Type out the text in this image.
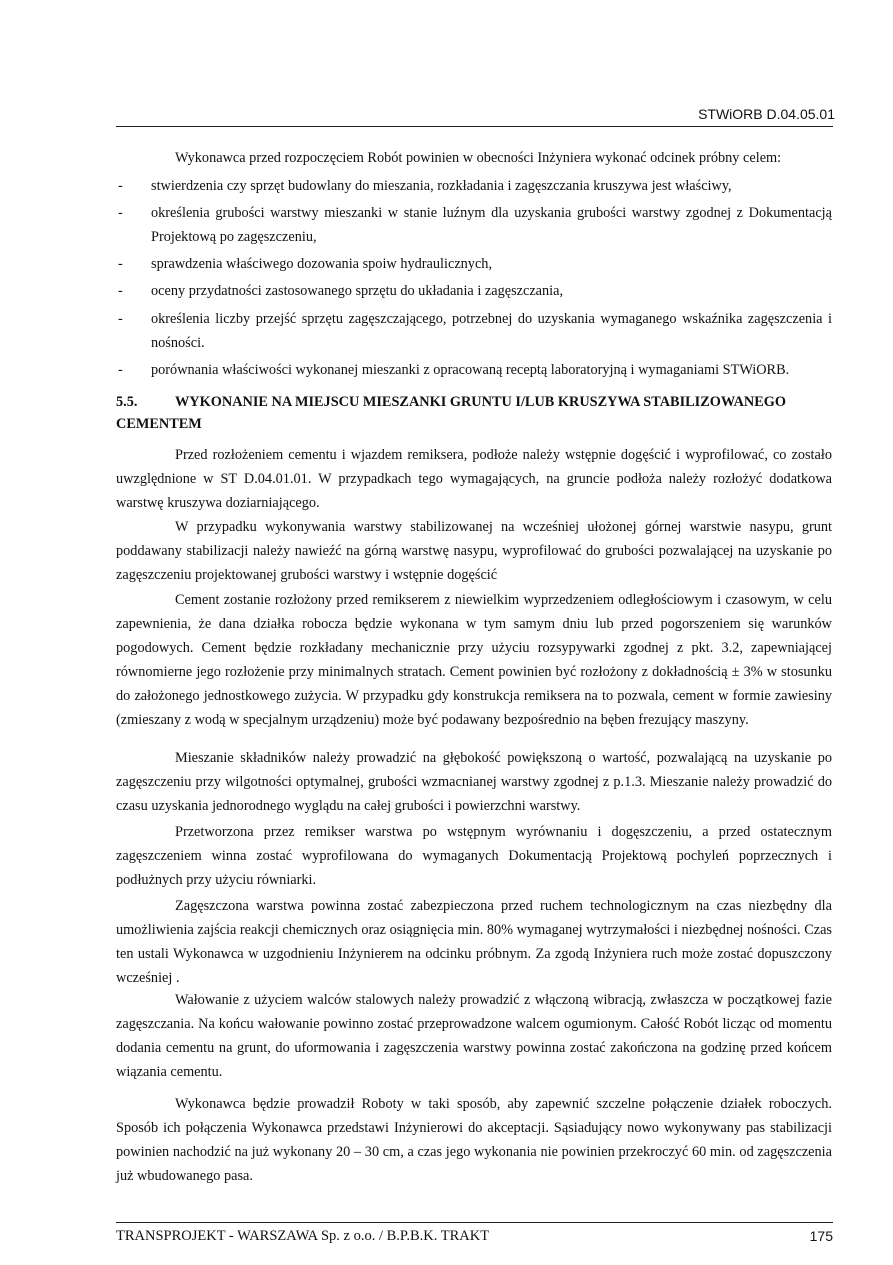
STWiORB D.04.05.01
Wykonawca przed rozpoczęciem Robót powinien w obecności Inżyniera wykonać odcinek próbny celem:
- stwierdzenia czy sprzęt budowlany do mieszania, rozkładania i zagęszczania kruszywa jest właściwy,
- określenia grubości warstwy mieszanki w stanie luźnym dla uzyskania grubości warstwy zgodnej z Dokumentacją Projektową po zagęszczeniu,
- sprawdzenia właściwego dozowania spoiw hydraulicznych,
- oceny przydatności zastosowanego sprzętu do układania i zagęszczania,
- określenia liczby przejść sprzętu zagęszczającego, potrzebnej do uzyskania wymaganego wskaźnika zagęszczenia i nośności.
- porównania właściwości wykonanej mieszanki z opracowaną receptą laboratoryjną i wymaganiami STWiORB.
5.5.	WYKONANIE NA MIEJSCU MIESZANKI GRUNTU I/LUB KRUSZYWA STABILIZOWANEGO CEMENTEM
Przed rozłożeniem cementu i wjazdem remiksera, podłoże należy wstępnie dogęścić i wyprofilować, co zostało uwzględnione w ST D.04.01.01. W przypadkach tego wymagających, na gruncie podłoża należy rozłożyć dodatkowa warstwę kruszywa doziarniającego.
W przypadku wykonywania warstwy stabilizowanej na wcześniej ułożonej górnej warstwie nasypu, grunt poddawany stabilizacji należy nawieźć na górną warstwę nasypu, wyprofilować do grubości pozwalającej na uzyskanie po zagęszczeniu projektowanej grubości warstwy i wstępnie dogęścić
Cement zostanie rozłożony przed remikserem z niewielkim wyprzedzeniem odległościowym i czasowym, w celu zapewnienia, że dana działka robocza będzie wykonana w tym samym dniu lub przed pogorszeniem się warunków pogodowych. Cement będzie rozkładany mechanicznie przy użyciu rozsypywarki zgodnej z pkt. 3.2, zapewniającej równomierne jego rozłożenie przy minimalnych stratach. Cement powinien być rozłożony z dokładnością ± 3% w stosunku do założonego jednostkowego zużycia. W przypadku gdy konstrukcja remiksera na to pozwala, cement w formie zawiesiny (zmieszany z wodą w specjalnym urządzeniu) może być podawany bezpośrednio na bęben frezujący maszyny.
Mieszanie składników należy prowadzić na głębokość powiększoną o wartość, pozwalającą na uzyskanie po zagęszczeniu przy wilgotności optymalnej, grubości wzmacnianej warstwy zgodnej z p.1.3. Mieszanie należy prowadzić do czasu uzyskania jednorodnego wyglądu na całej grubości i powierzchni warstwy.
Przetworzona przez remikser warstwa po wstępnym wyrównaniu i dogęszczeniu, a przed ostatecznym zagęszczeniem winna zostać wyprofilowana do wymaganych Dokumentacją Projektową pochyleń poprzecznych i podłużnych przy użyciu równiarki.
Zagęszczona warstwa powinna zostać zabezpieczona przed ruchem technologicznym na czas niezbędny dla umożliwienia zajścia reakcji chemicznych oraz osiągnięcia min. 80% wymaganej wytrzymałości i niezbędnej nośności. Czas ten ustali Wykonawca w uzgodnieniu Inżynierem na odcinku próbnym. Za zgodą Inżyniera ruch może zostać dopuszczony wcześniej .
Wałowanie z użyciem walców stalowych należy prowadzić z włączoną wibracją, zwłaszcza w początkowej fazie zagęszczania. Na końcu wałowanie powinno zostać przeprowadzone walcem ogumionym. Całość Robót licząc od momentu dodania cementu na grunt, do uformowania i zagęszczenia warstwy powinna zostać zakończona na godzinę przed końcem wiązania cementu.
Wykonawca będzie prowadził Roboty w taki sposób, aby zapewnić szczelne połączenie działek roboczych. Sposób ich połączenia Wykonawca przedstawi Inżynierowi do akceptacji. Sąsiadujący nowo wykonywany pas stabilizacji powinien nachodzić na już wykonany 20 – 30 cm, a czas jego wykonania nie powinien przekroczyć 60 min. od zagęszczenia już wbudowanego pasa.
TRANSPROJEKT - WARSZAWA Sp. z o.o. / B.P.B.K. TRAKT	175
